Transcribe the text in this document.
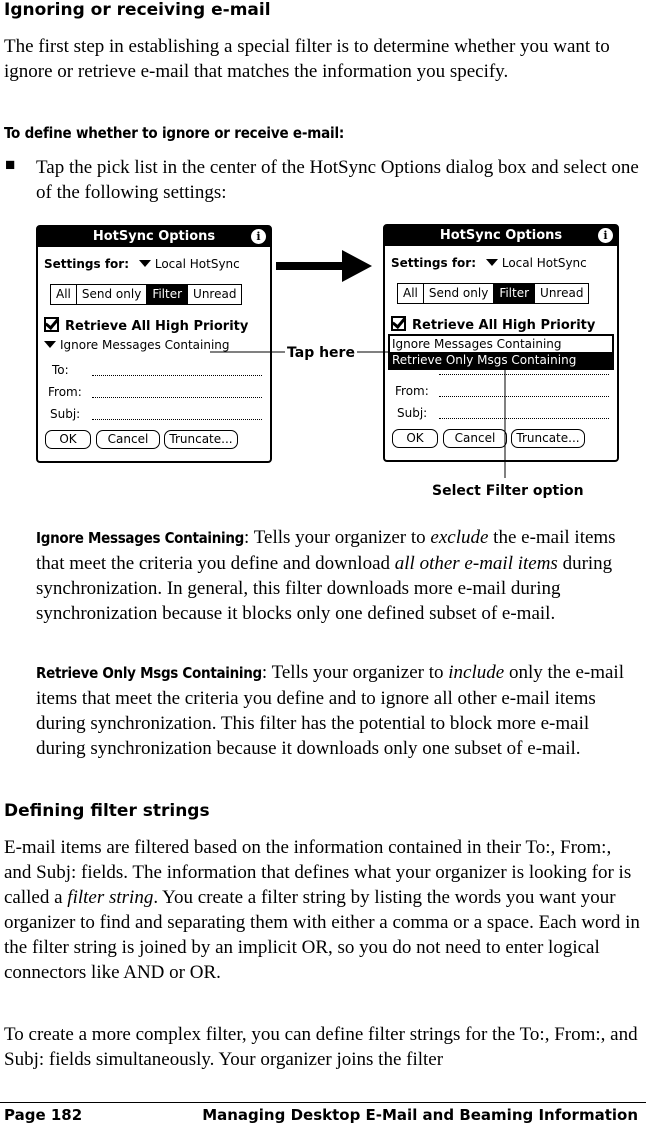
Ignoring or receiving e-mail
The first step in establishing a special filter is to determine whether you want to ignore or retrieve e-mail that matches the information you specify.
To define whether to ignore or receive e-mail:
■ Tap the pick list in the center of the HotSync Options dialog box and select one of the following settings:
HotSync Options	i
Settings for: Local HotSync
All Send only Filter Unread
Retrieve All High Priority
Ignore Messages Containing
To:
From:
Subj:
OK	Cancel	Truncate...
HotSync Options	i
Settings for: Local HotSync
All Send only Filter Unread
Retrieve All High Priority
Ignore Messages Containing
Retrieve Only Msgs Containing
From:
Subj:
OK	Cancel	Truncate...
Tap here
Select Filter option
Ignore Messages Containing: Tells your organizer to exclude the e-mail items that meet the criteria you define and download all other e-mail items during synchronization. In general, this filter downloads more e-mail during synchronization because it blocks only one defined subset of e-mail.
Retrieve Only Msgs Containing: Tells your organizer to include only the e-mail items that meet the criteria you define and to ignore all other e-mail items during synchronization. This filter has the potential to block more e-mail during synchronization because it downloads only one subset of e-mail.
Defining filter strings
E-mail items are filtered based on the information contained in their To:, From:, and Subj: fields. The information that defines what your organizer is looking for is called a filter string. You create a filter string by listing the words you want your organizer to find and separating them with either a comma or a space. Each word in the filter string is joined by an implicit OR, so you do not need to enter logical connectors like AND or OR.
To create a more complex filter, you can define filter strings for the To:, From:, and Subj: fields simultaneously. Your organizer joins the filter
Page 182	Managing Desktop E-Mail and Beaming Information
